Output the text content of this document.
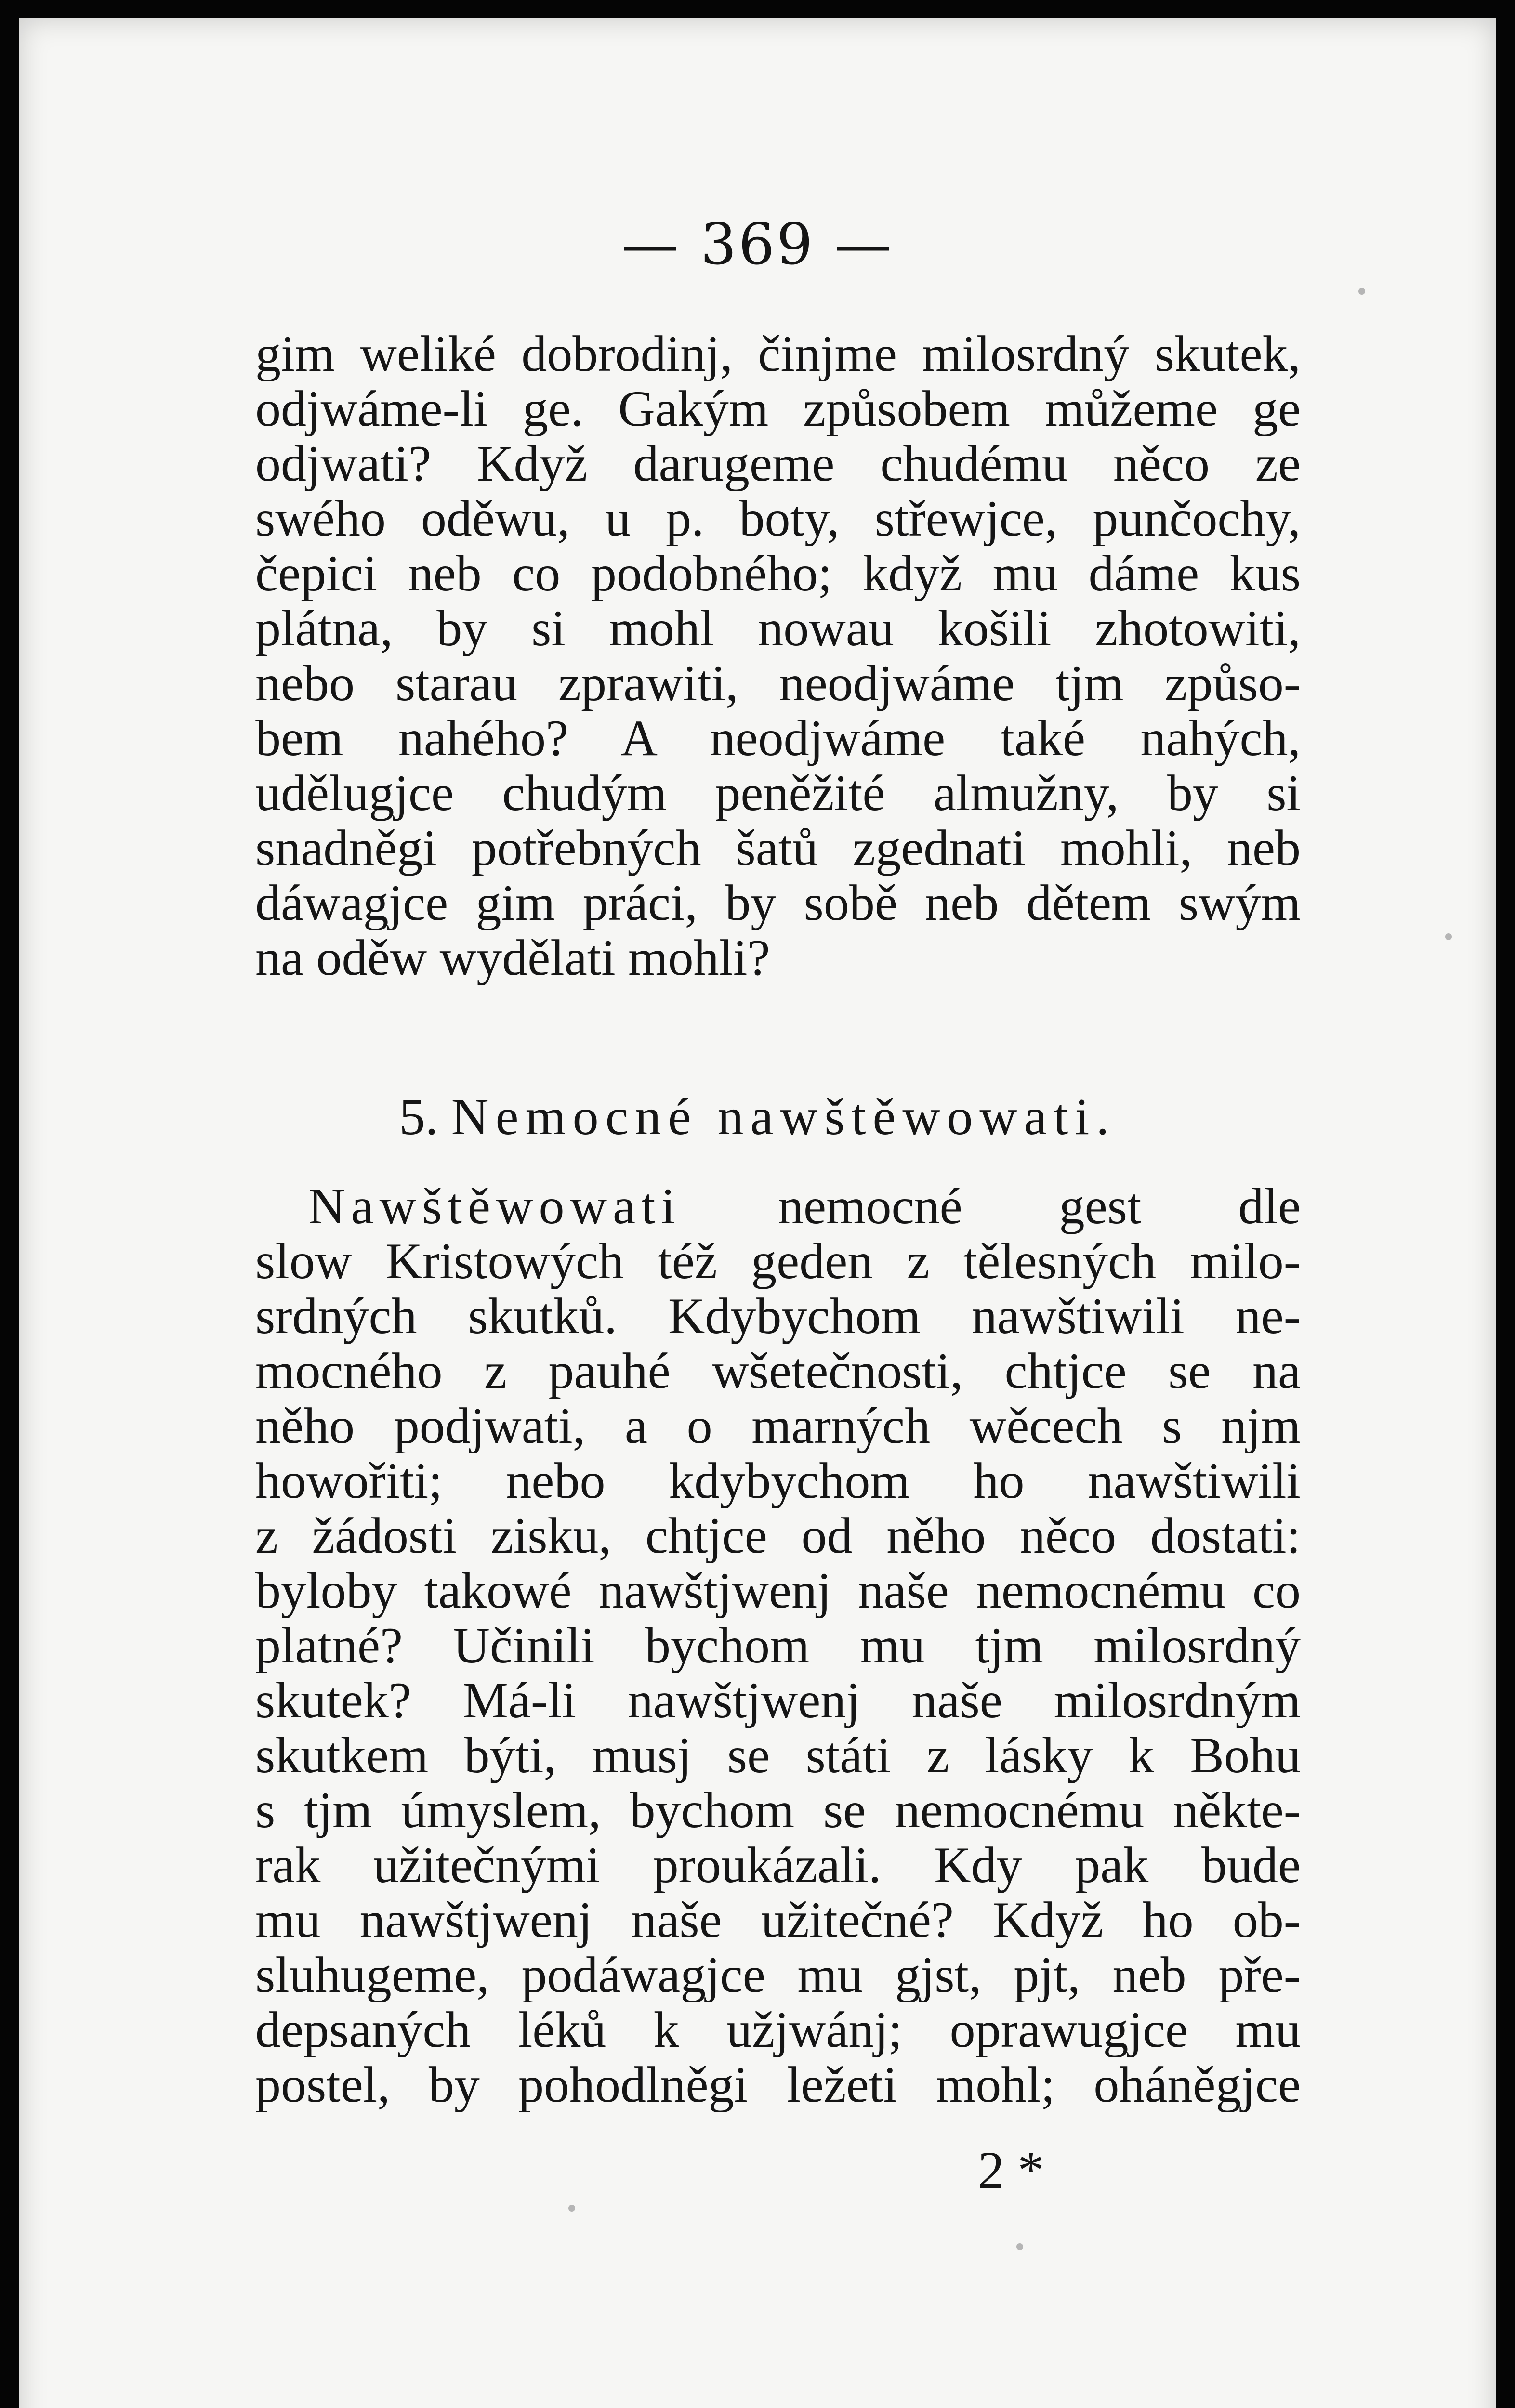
— 369 —
gim weliké dobrodinj, činjme milosrdný skutek,
odjwáme-li ge. Gakým způsobem můžeme ge
odjwati? Když darugeme chudému něco ze
swého oděwu, u p. boty, střewjce, punčochy,
čepici neb co podobného; když mu dáme kus
plátna, by si mohl nowau košili zhotowiti,
nebo starau zprawiti, neodjwáme tjm způso-
bem nahého? A neodjwáme také nahých,
udělugjce chudým peněžité almužny, by si
snadněgi potřebných šatů zgednati mohli, neb
dáwagjce gim práci, by sobě neb dětem swým
na oděw wydělati mohli?
5. Nemocné nawštěwowati.
Nawštěwowati nemocné gest dle
slow Kristowých též geden z tělesných milo-
srdných skutků. Kdybychom nawštiwili ne-
mocného z pauhé wšetečnosti, chtjce se na
něho podjwati, a o marných wěcech s njm
howořiti; nebo kdybychom ho nawštiwili
z žádosti zisku, chtjce od něho něco dostati:
byloby takowé nawštjwenj naše nemocnému co
platné? Učinili bychom mu tjm milosrdný
skutek? Má-li nawštjwenj naše milosrdným
skutkem býti, musj se státi z lásky k Bohu
s tjm úmyslem, bychom se nemocnému někte-
rak užitečnými proukázali. Kdy pak bude
mu nawštjwenj naše užitečné? Když ho ob-
sluhugeme, podáwagjce mu gjst, pjt, neb pře-
depsaných léků k užjwánj; oprawugjce mu
postel, by pohodlněgi ležeti mohl; oháněgjce
2 *
